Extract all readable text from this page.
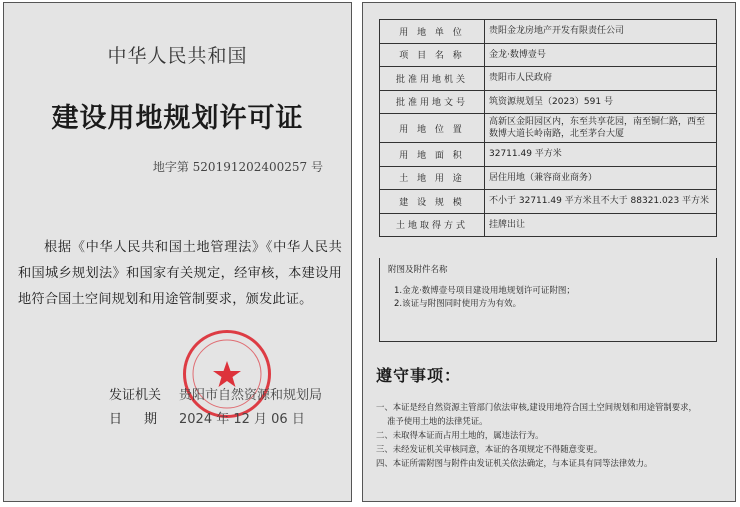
中华人民共和国
建设用地规划许可证
地字第 520191202400257 号
根据《中华人民共和国土地管理法》《中华人民共和国城乡规划法》和国家有关规定，经审核，本建设用地符合国土空间规划和用途管制要求，颁发此证。
发证机关 贵阳市自然资源和规划局
日期 2024 年 12 月 06 日
用 地 单 位	贵阳金龙房地产开发有限责任公司
项 目 名 称	金龙·数博壹号
批准用地机关	贵阳市人民政府
批准用地文号	筑资源规划呈（2023）591 号
用 地 位 置	高新区金阳园区内，东至共享花园，南至铜仁路，西至数博大道长岭南路，北至茅台大厦
用 地 面 积	32711.49 平方米
土 地 用 途	居住用地（兼容商业商务）
建 设 规 模	不小于 32711.49 平方米且不大于 88321.023 平方米
土地取得方式	挂牌出让
附图及附件名称
1.金龙·数博壹号项目建设用地规划许可证附图；
2.该证与附图同时使用方为有效。
遵守事项：
一、本证是经自然资源主管部门依法审核,建设用地符合国土空间规划和用途管制要求，
准予使用土地的法律凭证。
二、未取得本证而占用土地的，属违法行为。
三、未经发证机关审核同意，本证的各项规定不得随意变更。
四、本证所需附图与附件由发证机关依法确定，与本证具有同等法律效力。
